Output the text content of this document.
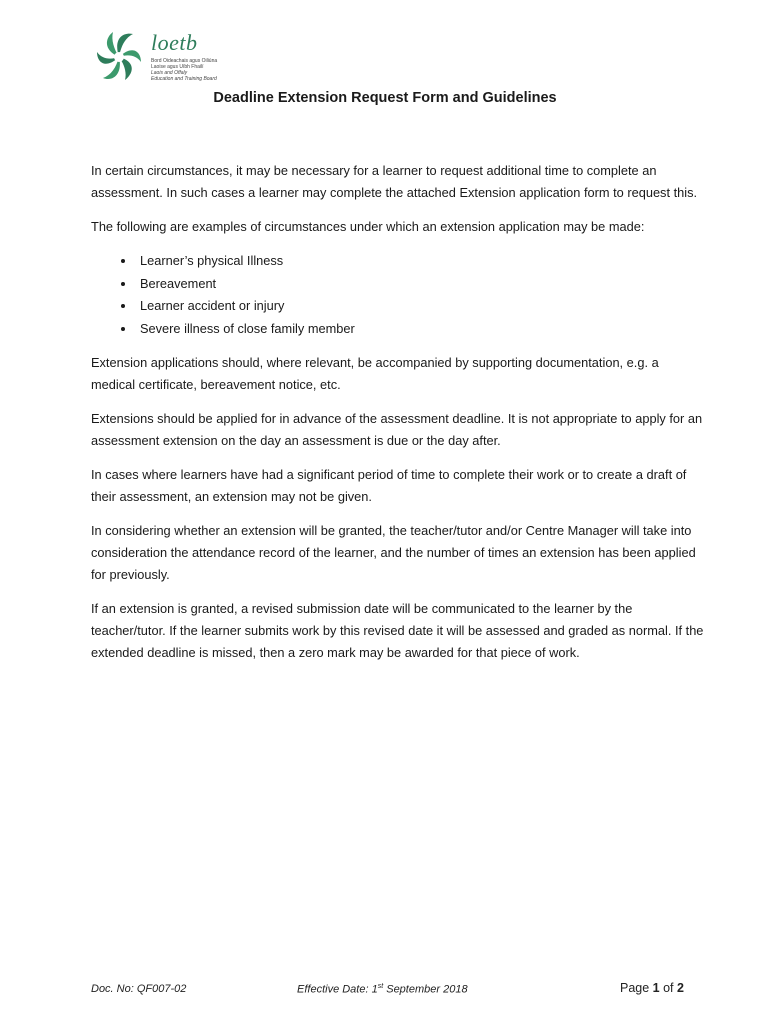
loetb
Bord Oideachais agus Oiliúna
Laoise agus Uíbh Fhailí
Laois and Offaly
Education and Training Board
Deadline Extension Request Form and Guidelines

In certain circumstances, it may be necessary for a learner to request additional time to complete an assessment. In such cases a learner may complete the attached Extension application form to request this.

The following are examples of circumstances under which an extension application may be made:

• Learner’s physical Illness
• Bereavement
• Learner accident or injury
• Severe illness of close family member

Extension applications should, where relevant, be accompanied by supporting documentation, e.g. a medical certificate, bereavement notice, etc.

Extensions should be applied for in advance of the assessment deadline. It is not appropriate to apply for an assessment extension on the day an assessment is due or the day after.

In cases where learners have had a significant period of time to complete their work or to create a draft of their assessment, an extension may not be given.

In considering whether an extension will be granted, the teacher/tutor and/or Centre Manager will take into consideration the attendance record of the learner, and the number of times an extension has been applied for previously.

If an extension is granted, a revised submission date will be communicated to the learner by the teacher/tutor. If the learner submits work by this revised date it will be assessed and graded as normal. If the extended deadline is missed, then a zero mark may be awarded for that piece of work.

Doc. No: QF007-02	Effective Date: 1st September 2018	Page 1 of 2
